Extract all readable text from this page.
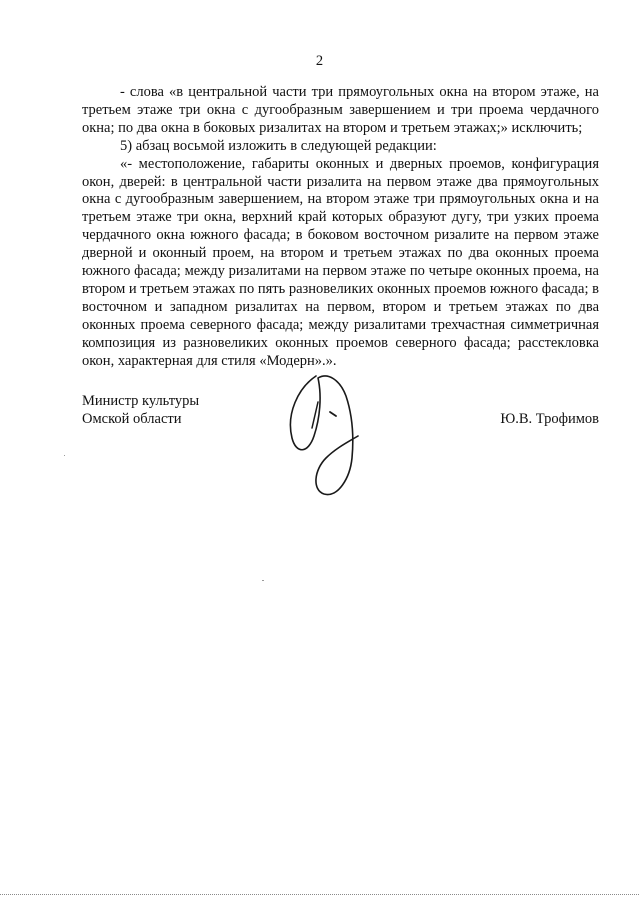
2

- слова «в центральной части три прямоугольных окна на втором этаже, на третьем этаже три окна с дугообразным завершением и три проема чердачного окна; по два окна в боковых ризалитах на втором и третьем этажах;» исключить;

5) абзац восьмой изложить в следующей редакции:

«- местоположение, габариты оконных и дверных проемов, конфигурация окон, дверей: в центральной части ризалита на первом этаже два прямоугольных окна с дугообразным завершением, на втором этаже три прямоугольных окна и на третьем этаже три окна, верхний край которых образуют дугу, три узких проема чердачного окна южного фасада; в боковом восточном ризалите на первом этаже дверной и оконный проем, на втором и третьем этажах по два оконных проема южного фасада; между ризалитами на первом этаже по четыре оконных проема, на втором и третьем этажах по пять разновеликих оконных проемов южного фасада; в восточном и западном ризалитах на первом, втором и третьем этажах по два оконных проема северного фасада; между ризалитами трехчастная симметричная композиция из разновеликих оконных проемов северного фасада; расстекловка окон, характерная для стиля «Модерн».».

Министр культуры
Омской области	Ю.В. Трофимов
